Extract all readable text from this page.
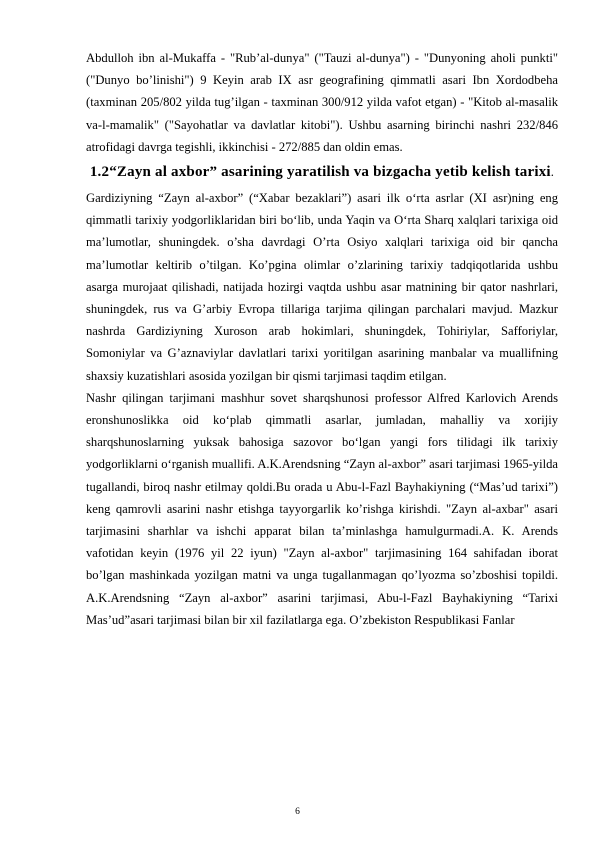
Abdulloh ibn al-Mukaffa - "Rub’al-dunya" ("Tauzi al-dunya") - "Dunyoning aholi punkti" ("Dunyo bo’linishi") 9 Keyin arab IX asr geografining qimmatli asari Ibn Xordodbeha (taxminan 205/802 yilda tug’ilgan - taxminan 300/912 yilda vafot etgan) - "Kitob al-masalik va-l-mamalik" ("Sayohatlar va davlatlar kitobi"). Ushbu asarning birinchi nashri 232/846 atrofidagi davrga tegishli, ikkinchisi - 272/885 dan oldin emas.

1.2“Zayn al axbor” asarining yaratilish va bizgacha yetib kelish tarixi.

Gardiziyning “Zayn al-axbor” (“Xabar bezaklari”) asari ilk o‘rta asrlar (XI asr)ning eng qimmatli tarixiy yodgorliklaridan biri bo‘lib, unda Yaqin va O‘rta Sharq xalqlari tarixiga oid ma’lumotlar, shuningdek. o’sha davrdagi O’rta Osiyo xalqlari tarixiga oid bir qancha ma’lumotlar keltirib o’tilgan. Ko’pgina olimlar o’zlarining tarixiy tadqiqotlarida ushbu asarga murojaat qilishadi, natijada hozirgi vaqtda ushbu asar matnining bir qator nashrlari, shuningdek, rus va G’arbiy Evropa tillariga tarjima qilingan parchalari mavjud. Mazkur nashrda Gardiziyning Xuroson arab hokimlari, shuningdek, Tohiriylar, Safforiylar, Somoniylar va G’aznaviylar davlatlari tarixi yoritilgan asarining manbalar va muallifning shaxsiy kuzatishlari asosida yozilgan bir qismi tarjimasi taqdim etilgan.

Nashr qilingan tarjimani mashhur sovet sharqshunosi professor Alfred Karlovich Arends eronshunoslikka oid ko‘plab qimmatli asarlar, jumladan, mahalliy va xorijiy sharqshunoslarning yuksak bahosiga sazovor bo‘lgan yangi fors tilidagi ilk tarixiy yodgorliklarni o‘rganish muallifi. A.K.Arendsning “Zayn al-axbor” asari tarjimasi 1965-yilda tugallandi, biroq nashr etilmay qoldi.Bu orada u Abu-l-Fazl Bayhakiyning (“Mas’ud tarixi”) keng qamrovli asarini nashr etishga tayyorgarlik ko’rishga kirishdi. "Zayn al-axbar" asari tarjimasini sharhlar va ishchi apparat bilan ta’minlashga hamulgurmadi.A. K. Arends vafotidan keyin (1976 yil 22 iyun) "Zayn al-axbor" tarjimasining 164 sahifadan iborat bo’lgan mashinkada yozilgan matni va unga tugallanmagan qo’lyozma so’zboshisi topildi. A.K.Arendsning “Zayn al-axbor” asarini tarjimasi, Abu-l-Fazl Bayhakiyning “Tarixi Mas’ud”asari tarjimasi bilan bir xil fazilatlarga ega. O’zbekiston Respublikasi Fanlar

6
